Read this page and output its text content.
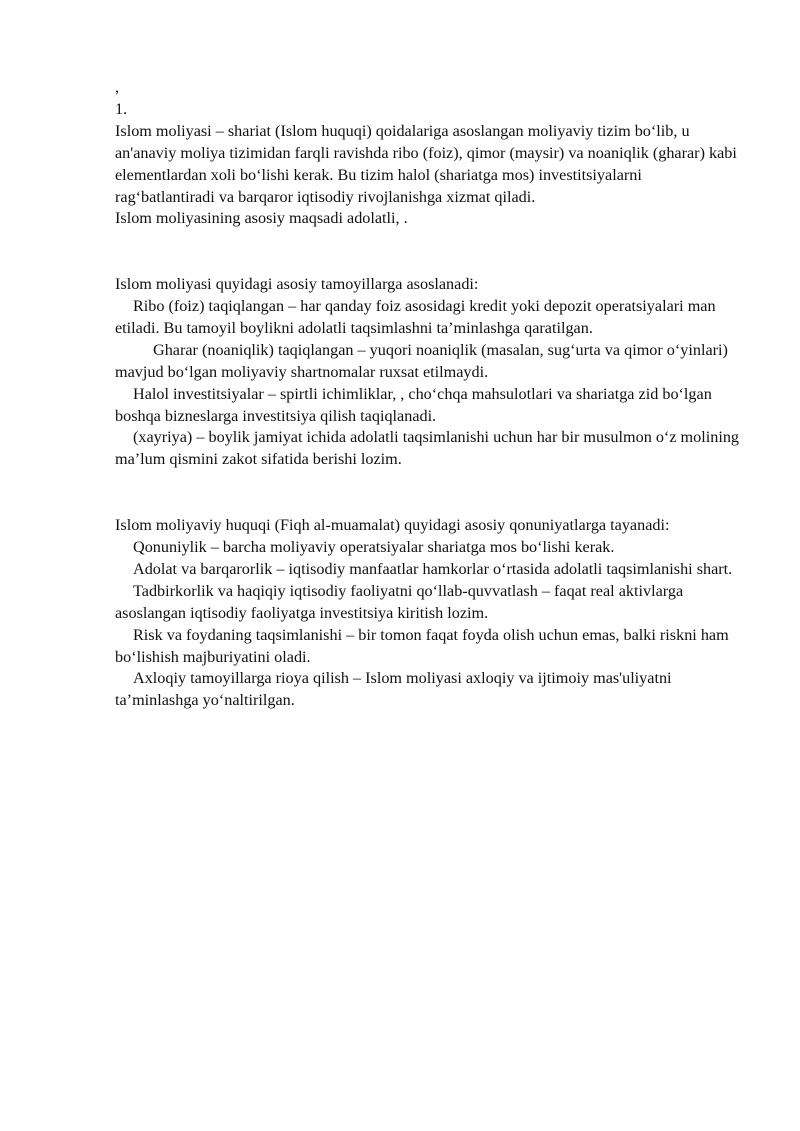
,

1.

Islom moliyasi – shariat (Islom huquqi) qoidalariga asoslangan moliyaviy tizim bo‘lib, u an'anaviy moliya tizimidan farqli ravishda ribo (foiz), qimor (maysir) va noaniqlik (gharar) kabi elementlardan xoli bo‘lishi kerak. Bu tizim halol (shariatga mos) investitsiyalarni rag‘batlantiradi va barqaror iqtisodiy rivojlanishga xizmat qiladi.

Islom moliyasining asosiy maqsadi adolatli, .

Islom moliyasi quyidagi asosiy tamoyillarga asoslanadi:

Ribo (foiz) taqiqlangan – har qanday foiz asosidagi kredit yoki depozit operatsiyalari man etiladi. Bu tamoyil boylikni adolatli taqsimlashni ta’minlashga qaratilgan.

Gharar (noaniqlik) taqiqlangan – yuqori noaniqlik (masalan, sug‘urta va qimor o‘yinlari) mavjud bo‘lgan moliyaviy shartnomalar ruxsat etilmaydi.

Halol investitsiyalar – spirtli ichimliklar, , cho‘chqa mahsulotlari va shariatga zid bo‘lgan boshqa bizneslarga investitsiya qilish taqiqlanadi.

(xayriya) – boylik jamiyat ichida adolatli taqsimlanishi uchun har bir musulmon o‘z molining ma’lum qismini zakot sifatida berishi lozim.

Islom moliyaviy huquqi (Fiqh al-muamalat) quyidagi asosiy qonuniyatlarga tayanadi:

Qonuniylik – barcha moliyaviy operatsiyalar shariatga mos bo‘lishi kerak.

Adolat va barqarorlik – iqtisodiy manfaatlar hamkorlar o‘rtasida adolatli taqsimlanishi shart.

Tadbirkorlik va haqiqiy iqtisodiy faoliyatni qo‘llab-quvvatlash – faqat real aktivlarga asoslangan iqtisodiy faoliyatga investitsiya kiritish lozim.

Risk va foydaning taqsimlanishi – bir tomon faqat foyda olish uchun emas, balki riskni ham bo‘lishish majburiyatini oladi.

Axloqiy tamoyillarga rioya qilish – Islom moliyasi axloqiy va ijtimoiy mas'uliyatni ta’minlashga yo‘naltirilgan.
